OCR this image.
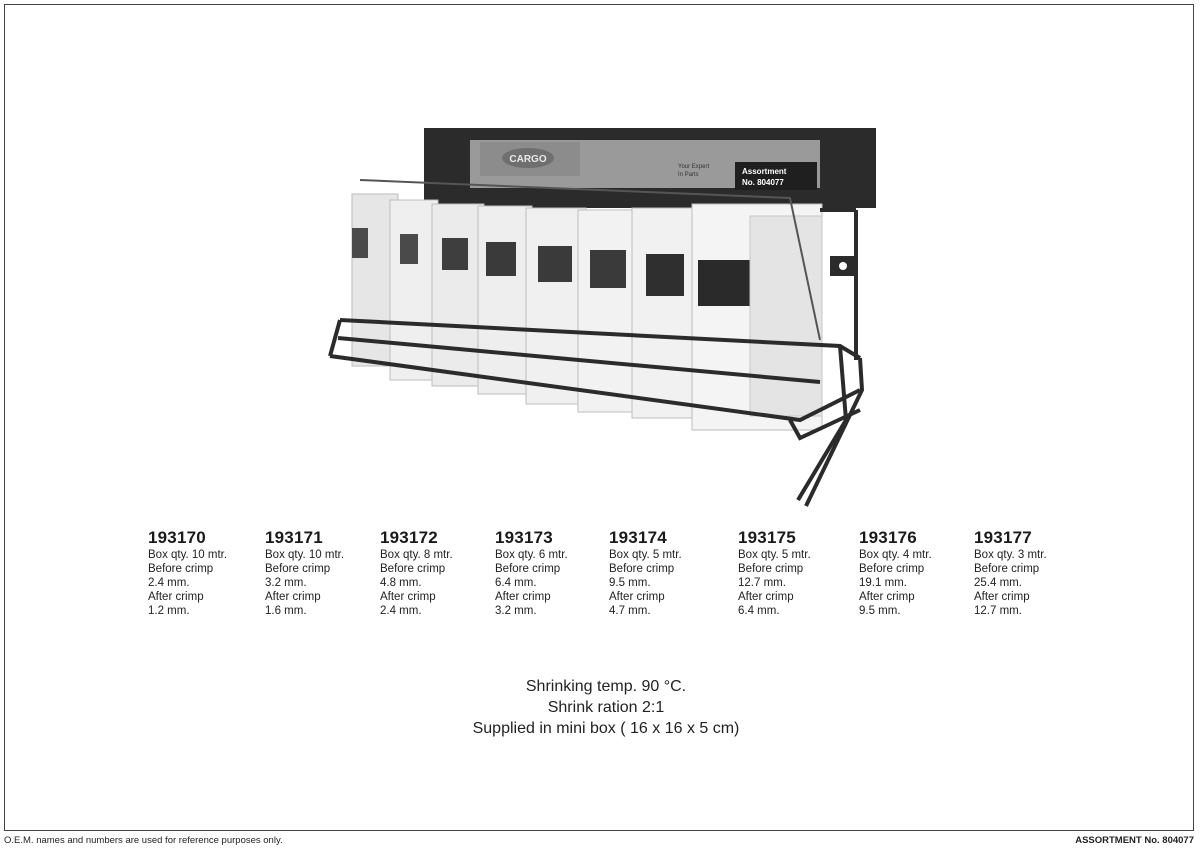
CARGO
Your Expert
In Parts	Assortment
No. 804077
193170
Box qty. 10 mtr.
Before crimp
2.4 mm.
After crimp
1.2 mm.
193171
Box qty. 10 mtr.
Before crimp
3.2 mm.
After crimp
1.6 mm.
193172
Box qty. 8 mtr.
Before crimp
4.8 mm.
After crimp
2.4 mm.
193173
Box qty. 6 mtr.
Before crimp
6.4 mm.
After crimp
3.2 mm.
193174
Box qty. 5 mtr.
Before crimp
9.5 mm.
After crimp
4.7 mm.
193175
Box qty. 5 mtr.
Before crimp
12.7 mm.
After crimp
6.4 mm.
193176
Box qty. 4 mtr.
Before crimp
19.1 mm.
After crimp
9.5 mm.
193177
Box qty. 3 mtr.
Before crimp
25.4 mm.
After crimp
12.7 mm.
Shrinking temp. 90 °C.
Shrink ration 2:1
Supplied in mini box ( 16 x 16 x 5 cm)
O.E.M. names and numbers are used for reference purposes only.	ASSORTMENT No. 804077
